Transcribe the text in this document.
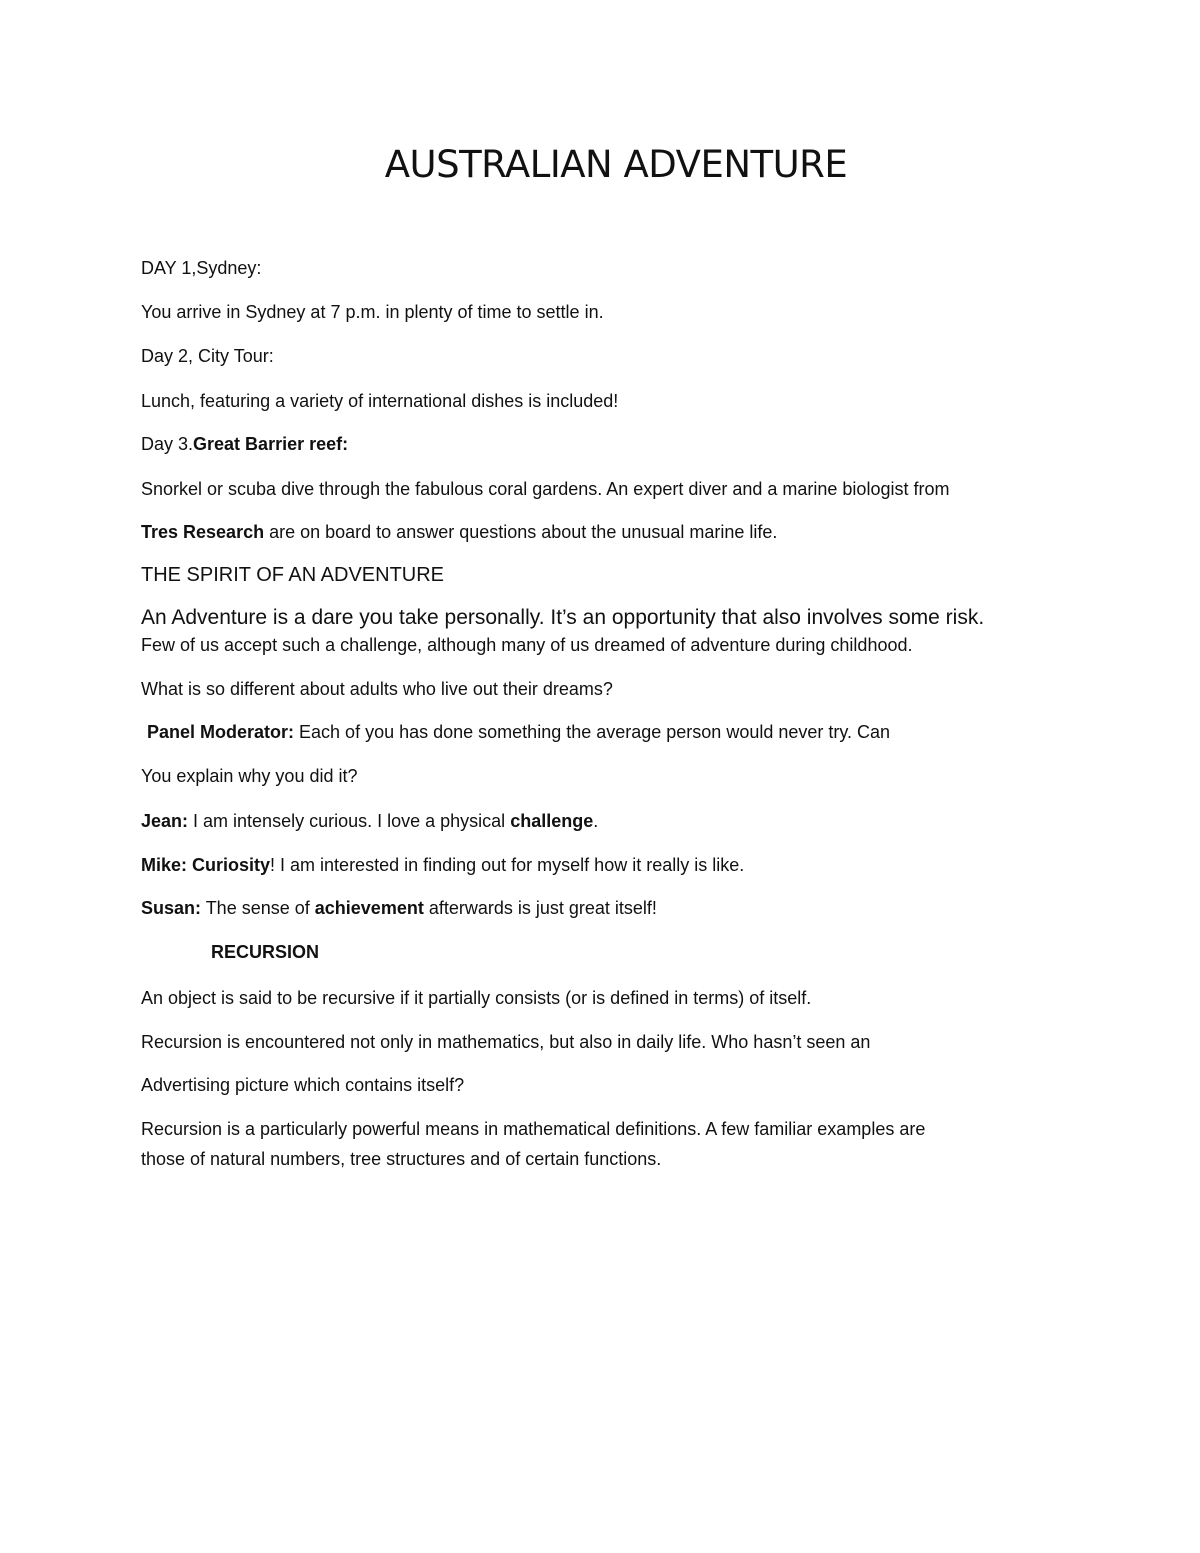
AUSTRALIAN ADVENTURE
DAY 1,Sydney:
You arrive in Sydney at 7 p.m. in plenty of time to settle in.
Day 2, City Tour:
Lunch, featuring a variety of international dishes is included!
Day 3.Great Barrier reef:
Snorkel or scuba dive through the fabulous coral gardens. An expert diver and a marine biologist from
Tres Research are on board to answer questions about the unusual marine life.
THE SPIRIT OF AN ADVENTURE
An Adventure is a dare you take personally. It’s an opportunity that also involves some risk.
Few of us accept such a challenge, although many of us dreamed of adventure during childhood.
What is so different about adults who live out their dreams?
Panel Moderator: Each of you has done something the average person would never try. Can
You explain why you did it?
Jean: I am intensely curious. I love a physical challenge.
Mike: Curiosity! I am interested in finding out for myself how it really is like.
Susan: The sense of achievement afterwards is just great itself!
RECURSION
An object is said to be recursive if it partially consists (or is defined in terms) of itself.
Recursion is encountered not only in mathematics, but also in daily life. Who hasn’t seen an
Advertising picture which contains itself?
Recursion is a particularly powerful means in mathematical definitions. A few familiar examples are
those of natural numbers, tree structures and of certain functions.
